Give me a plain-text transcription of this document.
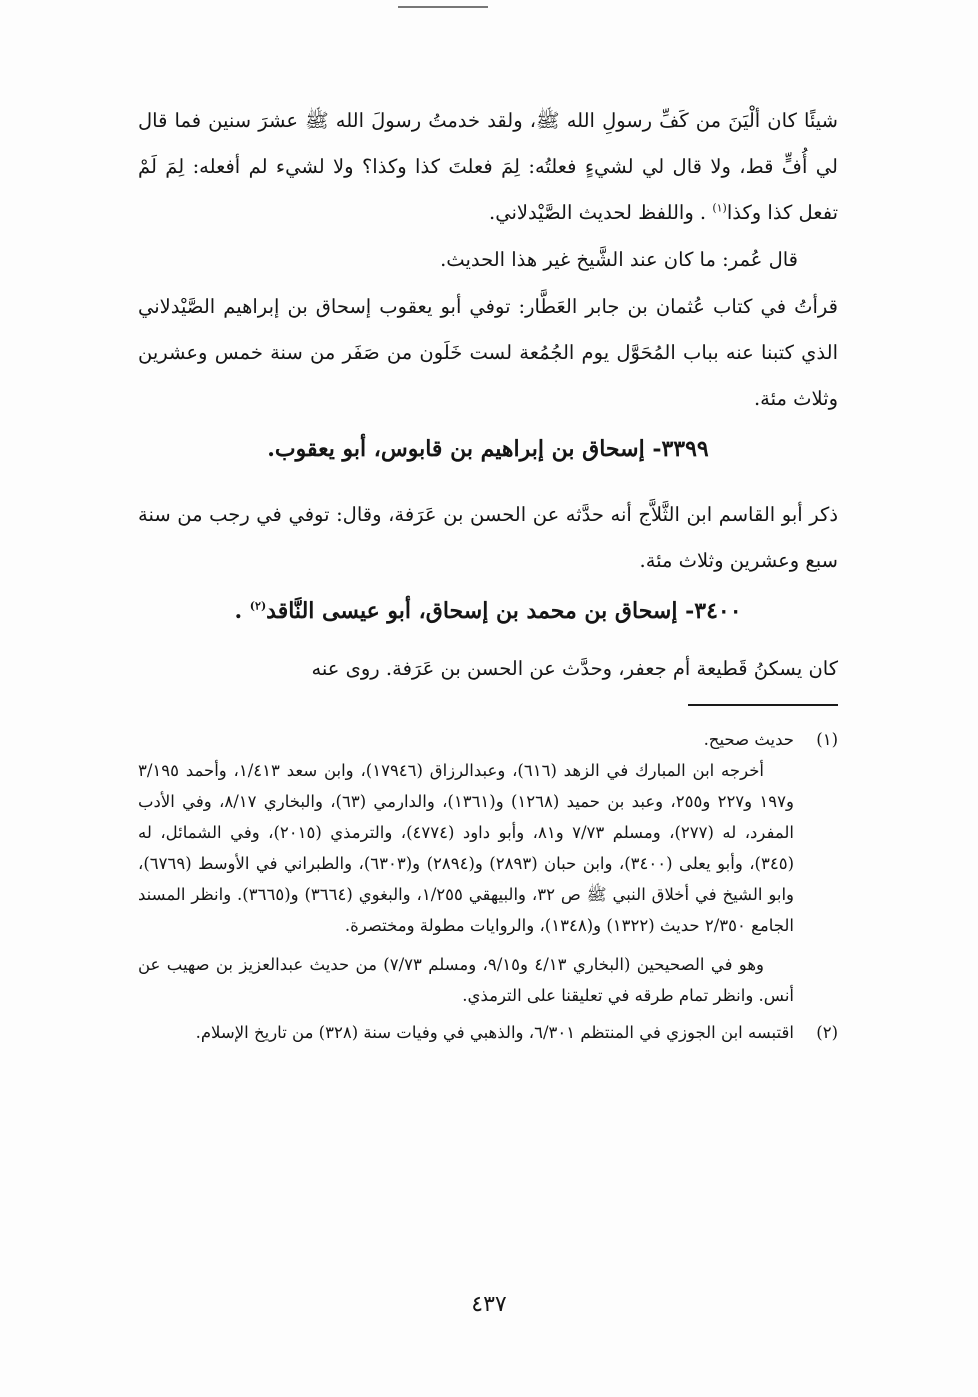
شيئًا كان ألْيَنَ من كَفِّ رسولِ الله ﷺ، ولقد خدمتُ رسولَ الله ﷺ عشرَ سنين فما قال لي أُفٍّ قط، ولا قال لي لشيءٍ فعلتُه: لِمَ فعلتَ كذا وكذا؟ ولا لشيء لم أفعله: لِمَ لَمْ تفعل كذا وكذا$^{(١)}$ . واللفظ لحديث الصَّيْدلاني.
قال عُمر: ما كان عند الشَّيخ غير هذا الحديث.
قرأتُ في كتاب عُثمان بن جابر العَطَّار: توفي أبو يعقوب إسحاق بن إبراهيم الصَّيْدلاني الذي كتبنا عنه بباب المُحَوَّل يوم الجُمُعة لست خَلَون من صَفَر من سنة خمس وعشرين وثلاث مئة.
٣٣٩٩- إسحاق بن إبراهيم بن قابوس، أبو يعقوب.
ذكر أبو القاسم ابن الثَّلاَّج أنه حدَّثه عن الحسن بن عَرَفة، وقال: توفي في رجب من سنة سبع وعشرين وثلاث مئة.
٣٤٠٠- إسحاق بن محمد بن إسحاق، أبو عيسى النَّاقد$^{(٢)}$ .
كان يسكنُ قَطيعة أم جعفر، وحدَّث عن الحسن بن عَرَفة. روى عنه
(١)
حديث صحيح.
أخرجه ابن المبارك في الزهد (٦١٦)، وعبدالرزاق (١٧٩٤٦)، وابن سعد ١/٤١٣، وأحمد ٣/١٩٥ و١٩٧ و٢٢٧ و٢٥٥، وعبد بن حميد (١٢٦٨) و(١٣٦١)، والدارمي (٦٣)، والبخاري ٨/١٧، وفي الأدب المفرد، له (٢٧٧)، ومسلم ٧/٧٣ و٨١، وأبو داود (٤٧٧٤)، والترمذي (٢٠١٥)، وفي الشمائل، له (٣٤٥)، وأبو يعلى (٣٤٠٠)، وابن حبان (٢٨٩٣) و(٢٨٩٤) و(٦٣٠٣)، والطبراني في الأوسط (٦٧٦٩)، وابو الشيخ في أخلاق النبي ﷺ ص ٣٢، والبيهقي ١/٢٥٥، والبغوي (٣٦٦٤) و(٣٦٦٥). وانظر المسند الجامع ٢/٣٥٠ حديث (١٣٢٢) و(١٣٤٨)، والروايات مطولة ومختصرة.
وهو في الصحيحين (البخاري ٤/١٣ و٩/١٥، ومسلم ٧/٧٣) من حديث عبدالعزيز بن صهيب عن أنس. وانظر تمام طرقه في تعليقنا على الترمذي.
(٢)
اقتبسه ابن الجوزي في المنتظم ٦/٣٠١، والذهبي في وفيات سنة (٣٢٨) من تاريخ الإسلام.
٤٣٧
